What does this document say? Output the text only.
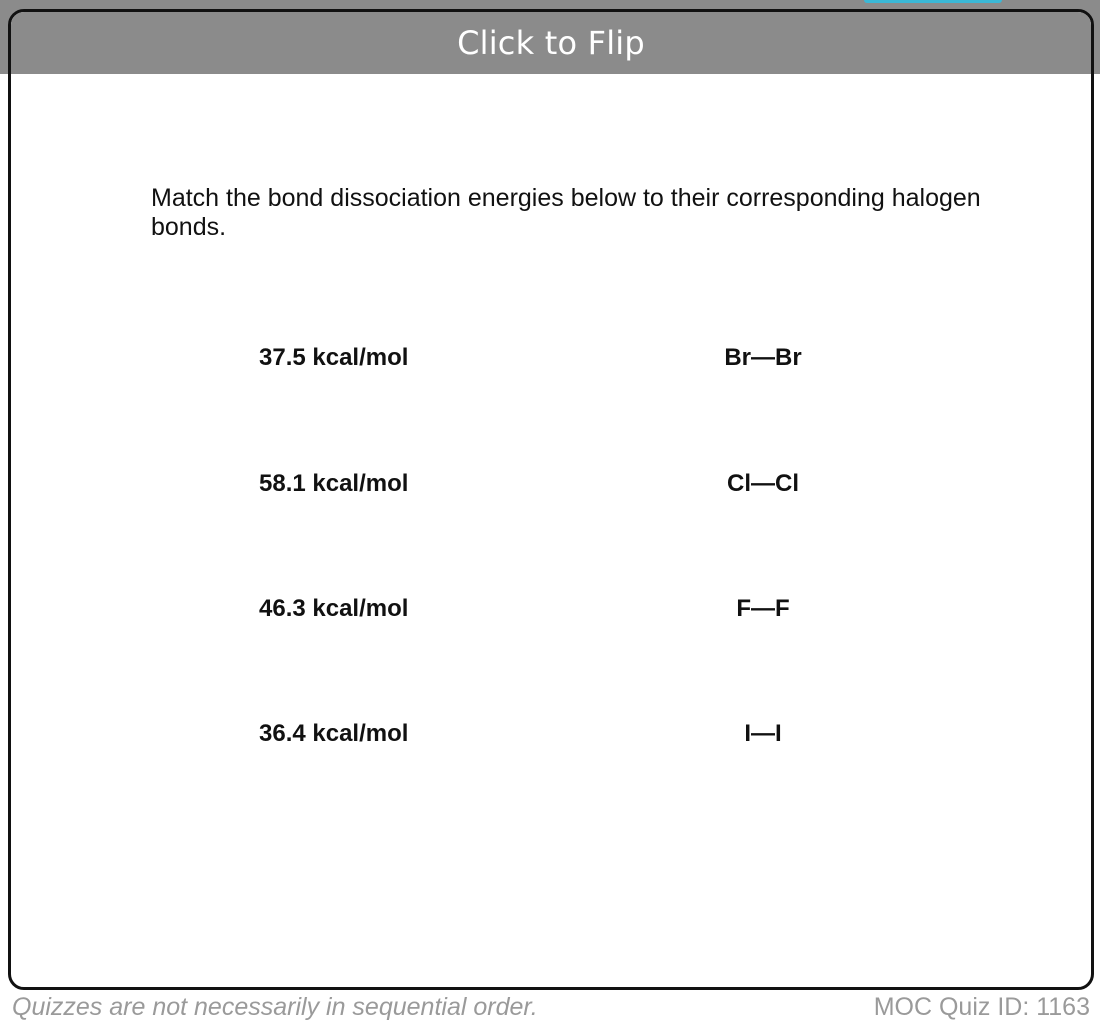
Click to Flip
Match the bond dissociation energies below to their corresponding halogen bonds.
37.5 kcal/mol	Br—Br
58.1 kcal/mol	Cl—Cl
46.3 kcal/mol	F—F
36.4 kcal/mol	I—I
Quizzes are not necessarily in sequential order.	MOC Quiz ID: 1163
